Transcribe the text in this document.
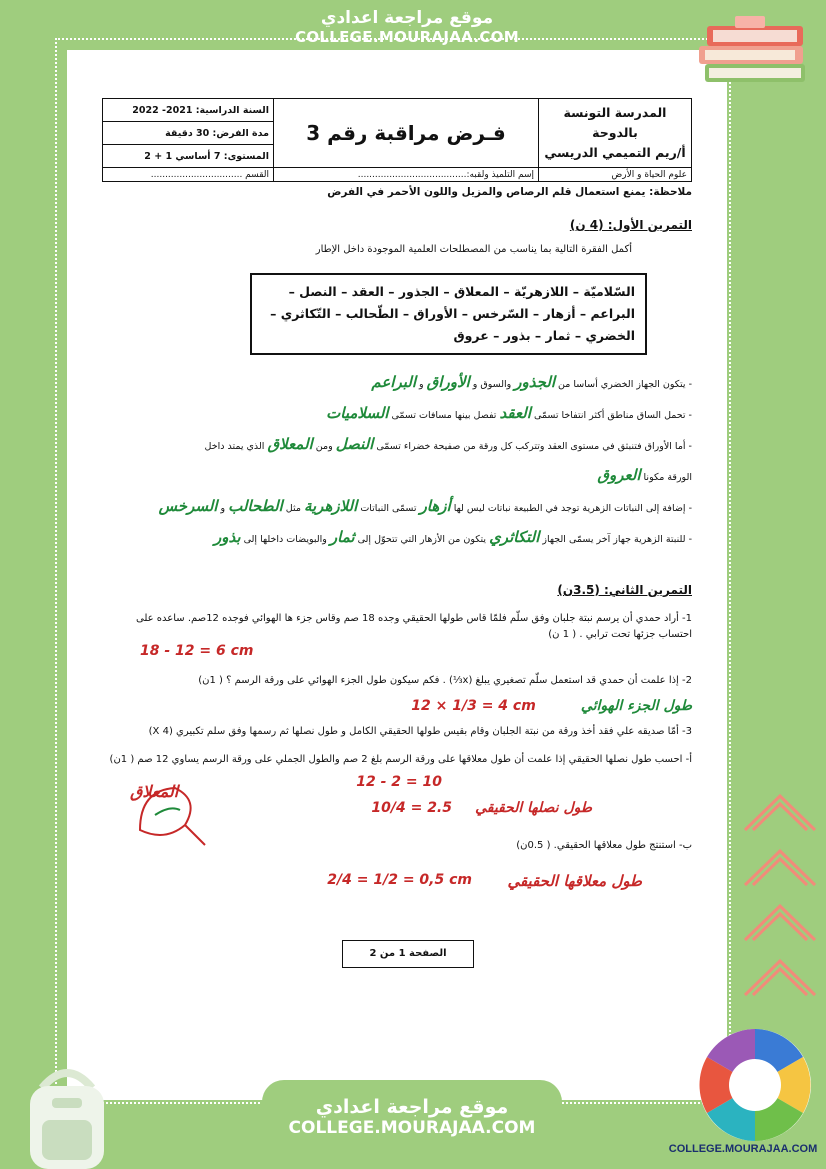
موقع مراجعة اعدادي
COLLEGE.MOURAJAA.COM
COLLEGE.MOURAJAA.COM
المدرسة التونسة بالدوحة
أ/ريم التميمي الدريسي	فـرض مراقبة رقم 3	السنة الدراسية: 2021- 2022
		مدة الفرض: 30 دقيقة
		المستوى: 7 أساسي 1 + 2
علوم الحياة و الأرض	إسم التلميذ ولقبه:......................................	القسم ................................
ملاحظة: يمنع استعمال قلم الرصاص والمزيل واللون الأحمر في الفرض
التمرين الأول: (4 ن)
أكمل الفقرة التالية بما يناسب من المصطلحات العلمية الموجودة داخل الإطار
السّلاميّة – اللازهريّة – المعلاق – الجذور – العقد – النصل – البراعم – أزهار – السّرخس – الأوراق – الطّحالب – التّكاثري – الخضري – ثمار – بذور – عروق
- يتكون الجهاز الخضري أساسا من الجذور والسوق و الأوراق و البراعم
- تحمل الساق مناطق أكثر انتفاخا تسمّى العقد تفصل بينها مسافات تسمّى السلاميات
- أما الأوراق فتنبثق في مستوى العقد وتتركب كل ورقة من صفيحة خضراء تسمّى النصل ومن المعلاق الذي يمتد داخل
الورقة مكونا العروق
- إضافة إلى النباتات الزهرية توجد في الطبيعة نباتات ليس لها أزهار تسمّى النباتات اللازهرية مثل الطحالب و السرخس
- للنبتة الزهرية جهاز آخر يسمّى الجهاز التكاثري يتكون من الأزهار التي تتحوّل إلى ثمار والبويضات داخلها إلى بذور
التمرين الثاني: (3.5ن)
1- أراد حمدي أن يرسم نبتة جلبان وفق سلّم فلمّا قاس طولها الحقيقي وجده 18 صم وقاس جزء ها الهوائي فوجده 12صم. ساعده على احتساب جزئها تحت ترابي . ( 1 ن)
18 - 12 = 6 cm
2- إذا علمت أن حمدي قد استعمل سلّم تصغيري يبلغ (x⅓) . فكم سيكون طول الجزء الهوائي على ورقة الرسم ؟ ( 1ن)
طول الجزء الهوائي 12 × 1/3 = 4 cm
3- أمّا صديقه علي فقد أخذ ورقة من نبتة الجلبان وقام بقيس طولها الحقيقي الكامل و طول نصلها ثم رسمها وفق سلم تكبيري (4 X)
أ- احسب طول نصلها الحقيقي إذا علمت أن طول معلاقها على ورقة الرسم بلغ 2 صم والطول الجملي على ورقة الرسم يساوي 12 صم ( 1ن)
12 - 2 = 10
طول نصلها الحقيقي
10/4 = 2.5
المعلاق
ب- استنتج طول معلاقها الحقيقي. ( 0.5ن)
طول معلاقها الحقيقي
2/4 = 1/2 = 0,5 cm
الصفحة 1 من 2
موقع مراجعة اعدادي
COLLEGE.MOURAJAA.COM
